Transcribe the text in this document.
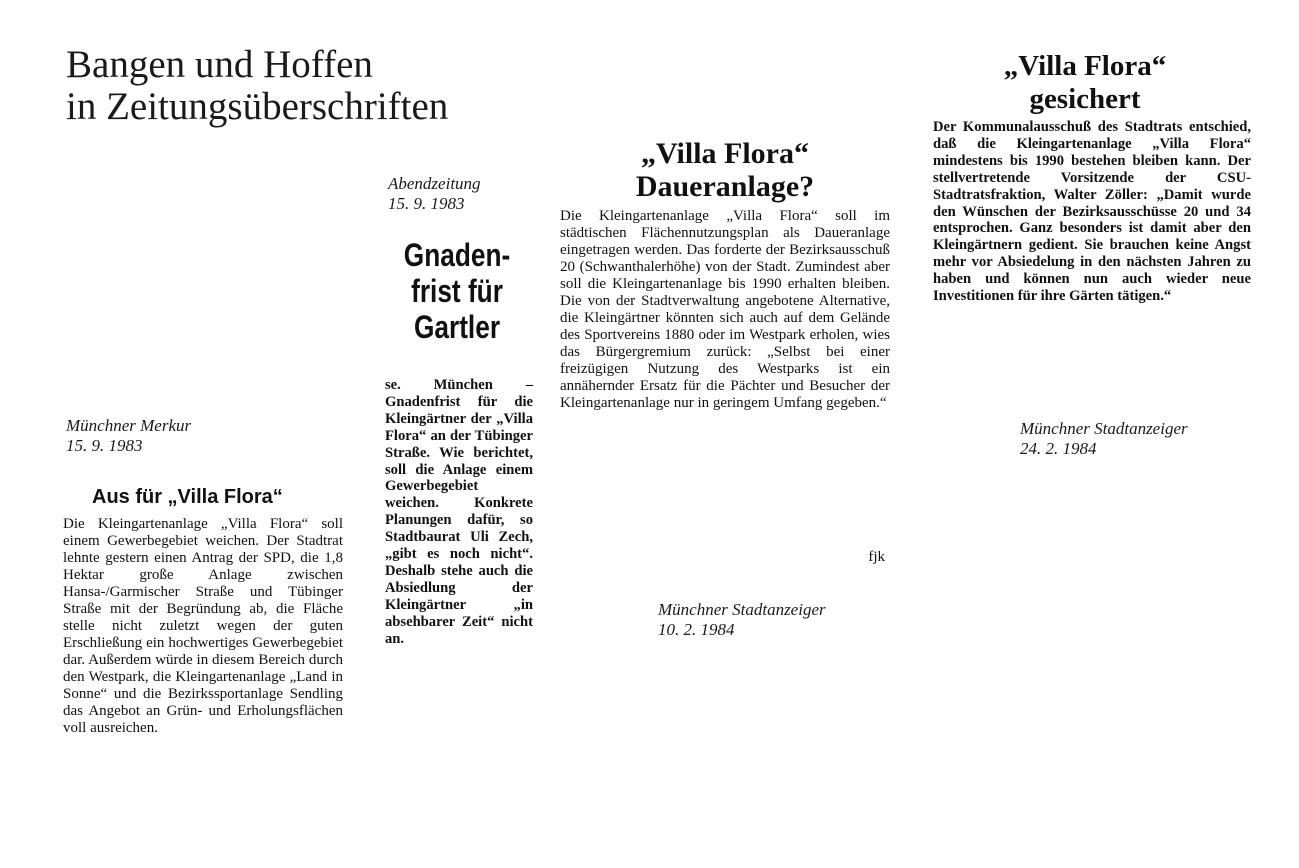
Bangen und Hoffen
in Zeitungsüberschriften
Münchner Merkur
15. 9. 1983
Aus für „Villa Flora“

Die Kleingartenanlage „Villa Flora“ soll einem Gewerbegebiet weichen. Der Stadtrat lehnte gestern einen Antrag der SPD, die 1,8 Hektar große Anlage zwischen Hansa-/Garmischer Straße und Tübinger Straße mit der Begründung ab, die Fläche stelle nicht zuletzt wegen der guten Erschließung ein hochwertiges Gewerbegebiet dar. Außerdem würde in diesem Bereich durch den Westpark, die Kleingartenanlage „Land in Sonne“ und die Bezirkssportanlage Sendling das Angebot an Grün- und Erholungsflächen voll ausreichen.

Abendzeitung
15. 9. 1983
Gnaden-
frist für
Gartler

se. München – Gnadenfrist für die Kleingärtner der „Villa Flora“ an der Tübinger Straße. Wie berichtet, soll die Anlage einem Gewerbegebiet weichen. Konkrete Planungen dafür, so Stadtbaurat Uli Zech, „gibt es noch nicht“. Deshalb stehe auch die Absiedlung der Kleingärtner „in absehbarer Zeit“ nicht an.

„Villa Flora“
Daueranlage?

Die Kleingartenanlage „Villa Flora“ soll im städtischen Flächennutzungsplan als Daueranlage eingetragen werden. Das forderte der Bezirksausschuß 20 (Schwanthalerhöhe) von der Stadt. Zumindest aber soll die Kleingartenanlage bis 1990 erhalten bleiben. Die von der Stadtverwaltung angebotene Alternative, die Kleingärtner könnten sich auch auf dem Gelände des Sportvereins 1880 oder im Westpark erholen, wies das Bürgergremium zurück: „Selbst bei einer freizügigen Nutzung des Westparks ist ein annähernder Ersatz für die Pächter und Besucher der Kleingartenanlage nur in geringem Umfang gegeben.“

fjk
Münchner Stadtanzeiger
10. 2. 1984
„Villa Flora“
gesichert

Der Kommunalausschuß des Stadtrats entschied, daß die Kleingartenanlage „Villa Flora“ mindestens bis 1990 bestehen bleiben kann. Der stellvertretende Vorsitzende der CSU-Stadtratsfraktion, Walter Zöller: „Damit wurde den Wünschen der Bezirksausschüsse 20 und 34 entsprochen. Ganz besonders ist damit aber den Kleingärtnern gedient. Sie brauchen keine Angst mehr vor Absiedelung in den nächsten Jahren zu haben und können nun auch wieder neue Investitionen für ihre Gärten tätigen.“

Münchner Stadtanzeiger
24. 2. 1984
